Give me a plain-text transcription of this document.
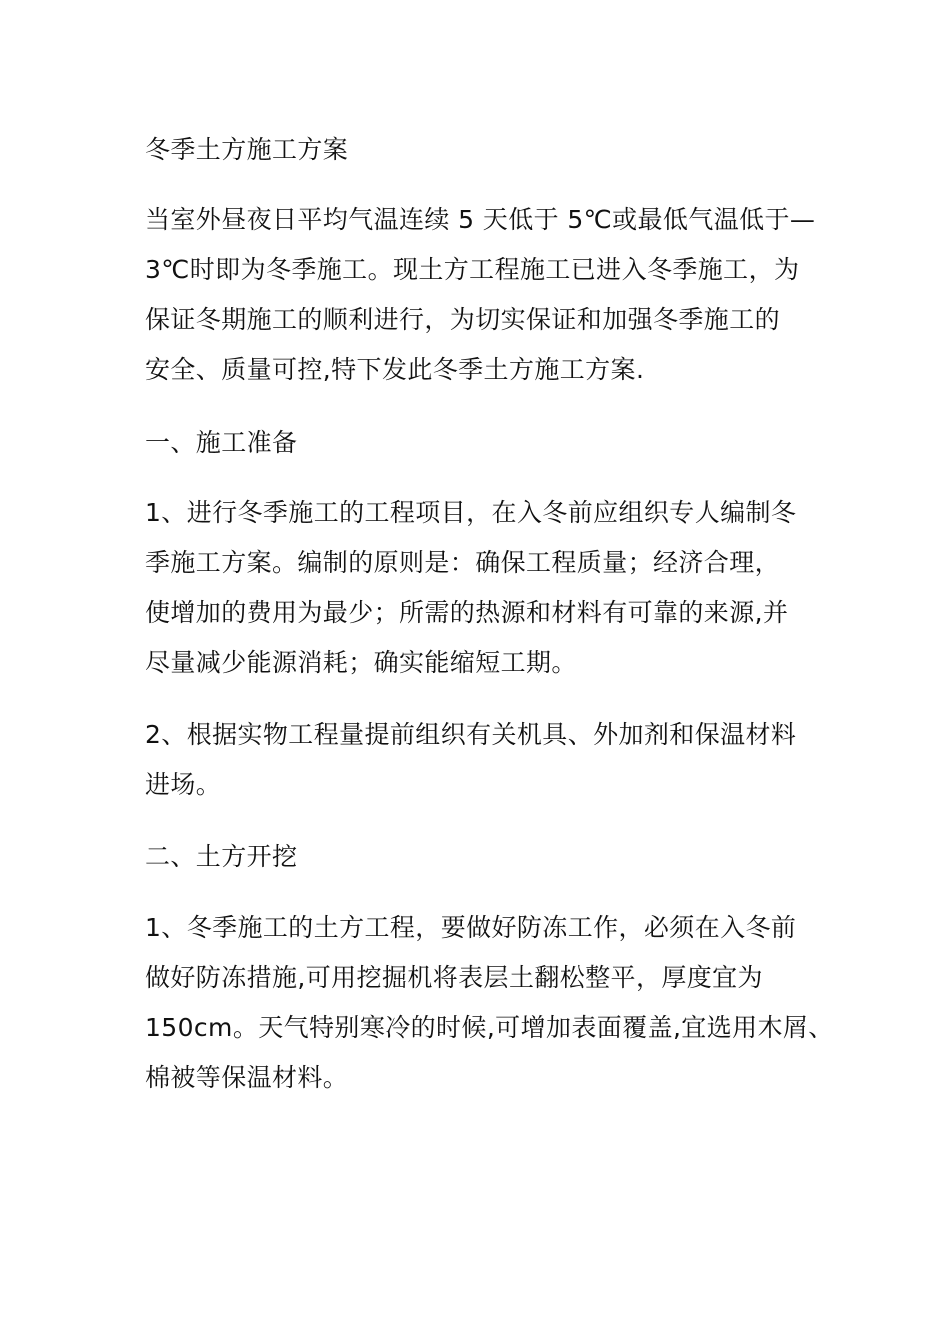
冬季土方施工方案
当室外昼夜日平均气温连续 5 天低于 5℃或最低气温低于—
3℃时即为冬季施工。现土方工程施工已进入冬季施工，为
保证冬期施工的顺利进行，为切实保证和加强冬季施工的
安全、质量可控,特下发此冬季土方施工方案.
一、施工准备
1、进行冬季施工的工程项目，在入冬前应组织专人编制冬
季施工方案。编制的原则是：确保工程质量；经济合理，
使增加的费用为最少；所需的热源和材料有可靠的来源,并
尽量减少能源消耗；确实能缩短工期。
2、根据实物工程量提前组织有关机具、外加剂和保温材料
进场。
二、土方开挖
1、冬季施工的土方工程，要做好防冻工作，必须在入冬前
做好防冻措施,可用挖掘机将表层土翻松整平，厚度宜为
150cm。天气特别寒冷的时候,可增加表面覆盖,宜选用木屑、
棉被等保温材料。
